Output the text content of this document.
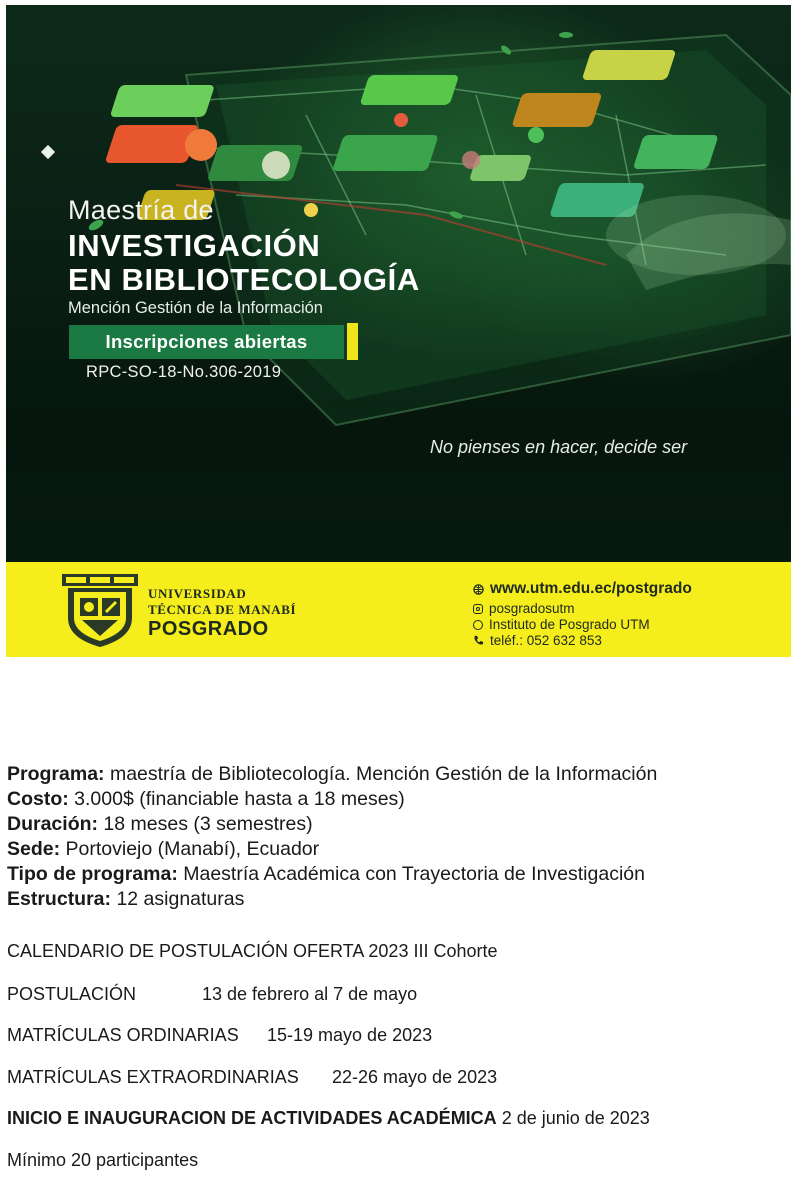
Maestría de
INVESTIGACIÓN
EN BIBLIOTECOLOGÍA
Mención Gestión de la Información
Inscripciones abiertas
RPC-SO-18-No.306-2019
No pienses en hacer, decide ser
UNIVERSIDAD
TÉCNICA DE MANABÍ
POSGRADO
www.utm.edu.ec/postgrado
posgradosutm
Instituto de Posgrado UTM
teléf.: 052 632 853
Programa: maestría de Bibliotecología. Mención Gestión de la Información
Costo: 3.000$ (financiable hasta a 18 meses)
Duración: 18 meses (3 semestres)
Sede: Portoviejo (Manabí), Ecuador
Tipo de programa: Maestría Académica con Trayectoria de Investigación
Estructura: 12 asignaturas
CALENDARIO DE POSTULACIÓN OFERTA 2023 III Cohorte
POSTULACIÓN	13 de febrero al 7 de mayo
MATRÍCULAS ORDINARIAS 15-19 mayo de 2023
MATRÍCULAS EXTRAORDINARIAS 22-26 mayo de 2023
INICIO E INAUGURACION DE ACTIVIDADES ACADÉMICA 2 de junio de 2023
Mínimo 20 participantes
